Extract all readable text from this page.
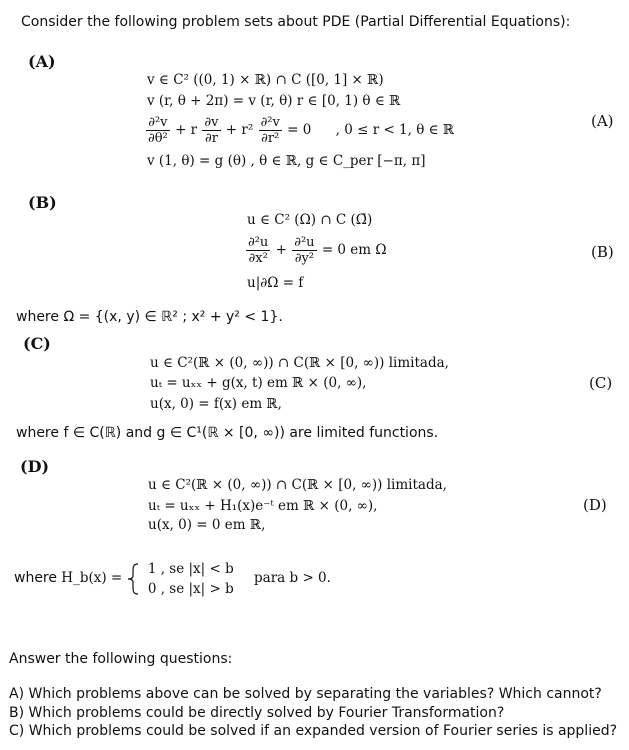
Consider the following problem sets about PDE (Partial Differential Equations):
(A)
v ∈ C² ((0, 1) × ℝ) ∩ C ([0, 1] × ℝ)
v (r, θ + 2π) = v (r, θ) r ∈ [0, 1) θ ∈ ℝ
$\frac{\text{∂²v}}{\text{∂θ²}} + r \frac{\partial v}{\partial r} + r^2 \frac{\text{∂²v}}{\text{∂r²}} = 0$ , 0 ≤ r < 1, θ ∈ ℝ
v (1, θ) = g (θ) , θ ∈ ℝ, g ∈ C_per [−π, π]
(A)
(B)
u ∈ C² (Ω) ∩ C (Ω̄)
$\frac{\text{∂²u}}{\text{∂x²}} + \frac{\text{∂²u}}{\text{∂y²}} = 0$ em Ω
u|∂Ω = f
(B)
where Ω = {(x, y) ∈ ℝ² ; x² + y² < 1}.
(C)
u ∈ C²(ℝ × (0, ∞)) ∩ C(ℝ × [0, ∞)) limitada,
uₜ = uₓₓ + g(x, t) em ℝ × (0, ∞),
u(x, 0) = f(x) em ℝ,
(C)
where f ∈ C(ℝ) and g ∈ C¹(ℝ × [0, ∞)) are limited functions.
(D)
u ∈ C²(ℝ × (0, ∞)) ∩ C(ℝ × [0, ∞)) limitada,
uₜ = uₓₓ + H₁(x)e⁻ᵗ em ℝ × (0, ∞),
u(x, 0) = 0 em ℝ,
(D)
where H_b(x) =
1 , se |x| < b
0 , se |x| > b
para b > 0.
Answer the following questions:
A) Which problems above can be solved by separating the variables? Which cannot?
B) Which problems could be directly solved by Fourier Transformation?
C) Which problems could be solved if an expanded version of Fourier series is applied?
